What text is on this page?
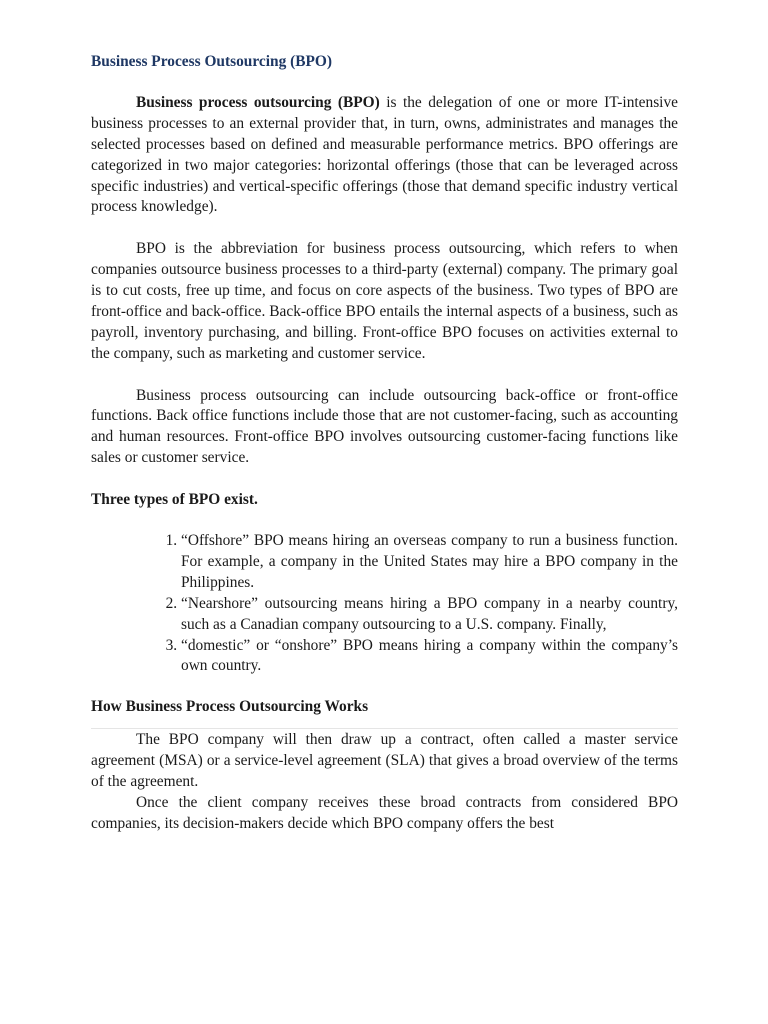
Business Process Outsourcing (BPO)

Business process outsourcing (BPO) is the delegation of one or more IT-intensive business processes to an external provider that, in turn, owns, administrates and manages the selected processes based on defined and measurable performance metrics. BPO offerings are categorized in two major categories: horizontal offerings (those that can be leveraged across specific industries) and vertical-specific offerings (those that demand specific industry vertical process knowledge).

BPO is the abbreviation for business process outsourcing, which refers to when companies outsource business processes to a third-party (external) company. The primary goal is to cut costs, free up time, and focus on core aspects of the business. Two types of BPO are front-office and back-office. Back-office BPO entails the internal aspects of a business, such as payroll, inventory purchasing, and billing. Front-office BPO focuses on activities external to the company, such as marketing and customer service.

Business process outsourcing can include outsourcing back-office or front-office functions. Back office functions include those that are not customer-facing, such as accounting and human resources. Front-office BPO involves outsourcing customer-facing functions like sales or customer service.

Three types of BPO exist.
1. “Offshore” BPO means hiring an overseas company to run a business function. For example, a company in the United States may hire a BPO company in the Philippines.
2. “Nearshore” outsourcing means hiring a BPO company in a nearby country, such as a Canadian company outsourcing to a U.S. company. Finally,
3. “domestic” or “onshore” BPO means hiring a company within the company’s own country.
How Business Process Outsourcing Works

The BPO company will then draw up a contract, often called a master service agreement (MSA) or a service-level agreement (SLA) that gives a broad overview of the terms of the agreement.

Once the client company receives these broad contracts from considered BPO companies, its decision-makers decide which BPO company offers the best
